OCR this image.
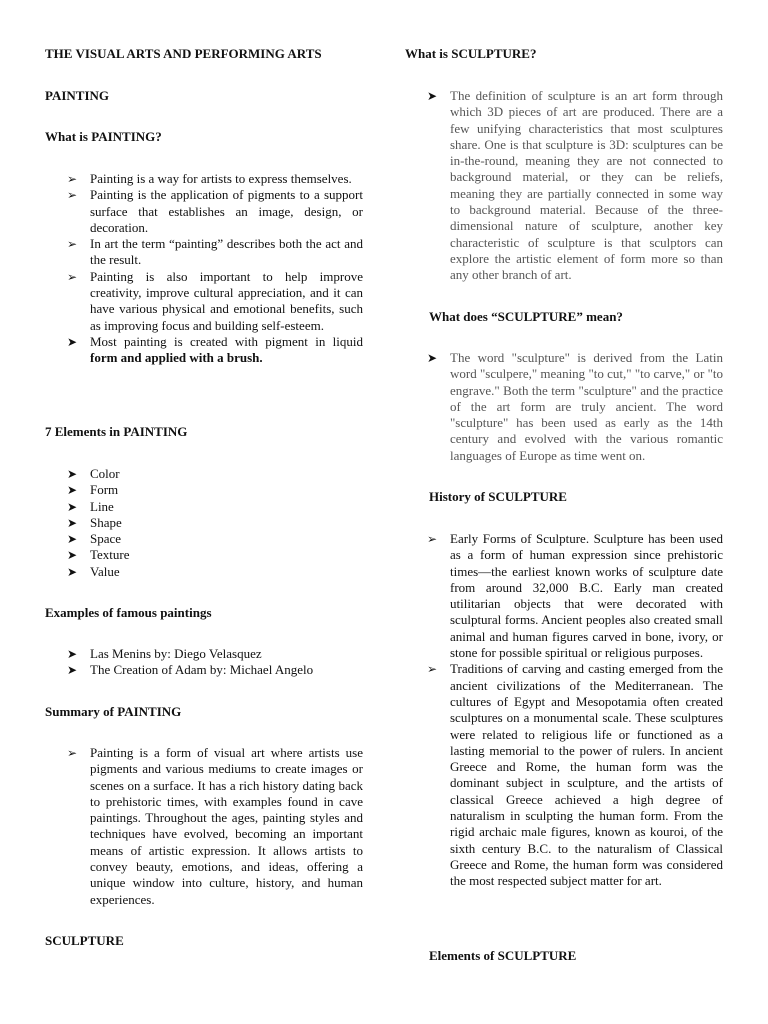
THE VISUAL ARTS AND PERFORMING ARTS
PAINTING
What is PAINTING?
➢ Painting is a way for artists to express themselves.
➢ Painting is the application of pigments to a support surface that establishes an image, design, or decoration.
➢ In art the term “painting” describes both the act and the result.
➢ Painting is also important to help improve creativity, improve cultural appreciation, and it can have various physical and emotional benefits, such as improving focus and building self-esteem.
➤ Most painting is created with pigment in liquid form and applied with a brush.
7 Elements in PAINTING
➤ Color
➤ Form
➤ Line
➤ Shape
➤ Space
➤ Texture
➤ Value
Examples of famous paintings
➤ Las Menins by: Diego Velasquez
➤ The Creation of Adam by: Michael Angelo
Summary of PAINTING
➢ Painting is a form of visual art where artists use pigments and various mediums to create images or scenes on a surface. It has a rich history dating back to prehistoric times, with examples found in cave paintings. Throughout the ages, painting styles and techniques have evolved, becoming an important means of artistic expression. It allows artists to convey beauty, emotions, and ideas, offering a unique window into culture, history, and human experiences.
SCULPTURE
What is SCULPTURE?
➤ The definition of sculpture is an art form through which 3D pieces of art are produced. There are a few unifying characteristics that most sculptures share. One is that sculpture is 3D: sculptures can be in-the-round, meaning they are not connected to background material, or they can be reliefs, meaning they are partially connected in some way to background material. Because of the three-dimensional nature of sculpture, another key characteristic of sculpture is that sculptors can explore the artistic element of form more so than any other branch of art.
What does “SCULPTURE” mean?
➤ The word "sculpture" is derived from the Latin word "sculpere," meaning "to cut," "to carve," or "to engrave." Both the term "sculpture" and the practice of the art form are truly ancient. The word "sculpture" has been used as early as the 14th century and evolved with the various romantic languages of Europe as time went on.
History of SCULPTURE
➢ Early Forms of Sculpture. Sculpture has been used as a form of human expression since prehistoric times—the earliest known works of sculpture date from around 32,000 B.C. Early man created utilitarian objects that were decorated with sculptural forms. Ancient peoples also created small animal and human figures carved in bone, ivory, or stone for possible spiritual or religious purposes.
➢ Traditions of carving and casting emerged from the ancient civilizations of the Mediterranean. The cultures of Egypt and Mesopotamia often created sculptures on a monumental scale. These sculptures were related to religious life or functioned as a lasting memorial to the power of rulers. In ancient Greece and Rome, the human form was the dominant subject in sculpture, and the artists of classical Greece achieved a high degree of naturalism in sculpting the human form. From the rigid archaic male figures, known as kouroi, of the sixth century B.C. to the naturalism of Classical Greece and Rome, the human form was considered the most respected subject matter for art.
Elements of SCULPTURE
